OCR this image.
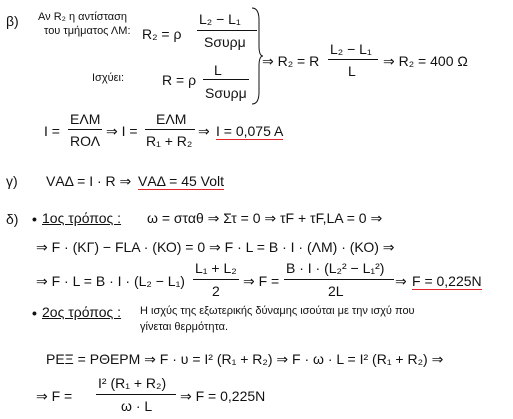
β) Αν R₂ η αντίσταση
του τμήματος ΛΜ: R₂ = ρ
L₂ − L₁
Sσυρμ
Ισχύει:	R = ρ
L
Sσυρμ
⇒ R₂ = R
L₂ − L₁
L
⇒ R₂ = 400 Ω
I =
EΛΜ
RΟΛ
⇒ I =
EΛΜ
R₁ + R₂
⇒ I = 0,075 A
γ) VΑΔ = I · R ⇒ VΑΔ = 45 Volt
δ) • 1ος τρόπος : ω = σταθ ⇒ Στ = 0 ⇒ τF + τF,LA = 0 ⇒
⇒ F · (ΚΓ) − FLA · (ΚΟ) = 0 ⇒ F · L = B · I · (ΛΜ) · (ΚΟ) ⇒
⇒ F · L = B · I · (L₂ − L₁)
L₁ + L₂
2
⇒ F =
B · I · (L₂² − L₁²)
2L
⇒ F = 0,225N
• 2ος τρόπος : Η ισχύς της εξωτερικής δύναμης ισούται με την ισχύ που
γίνεται θερμότητα.
PΕΞ = PΘΕΡΜ ⇒ F · υ = I² (R₁ + R₂) ⇒ F · ω · L = I² (R₁ + R₂) ⇒
⇒ F =
I² (R₁ + R₂)
ω · L
⇒ F = 0,225N
